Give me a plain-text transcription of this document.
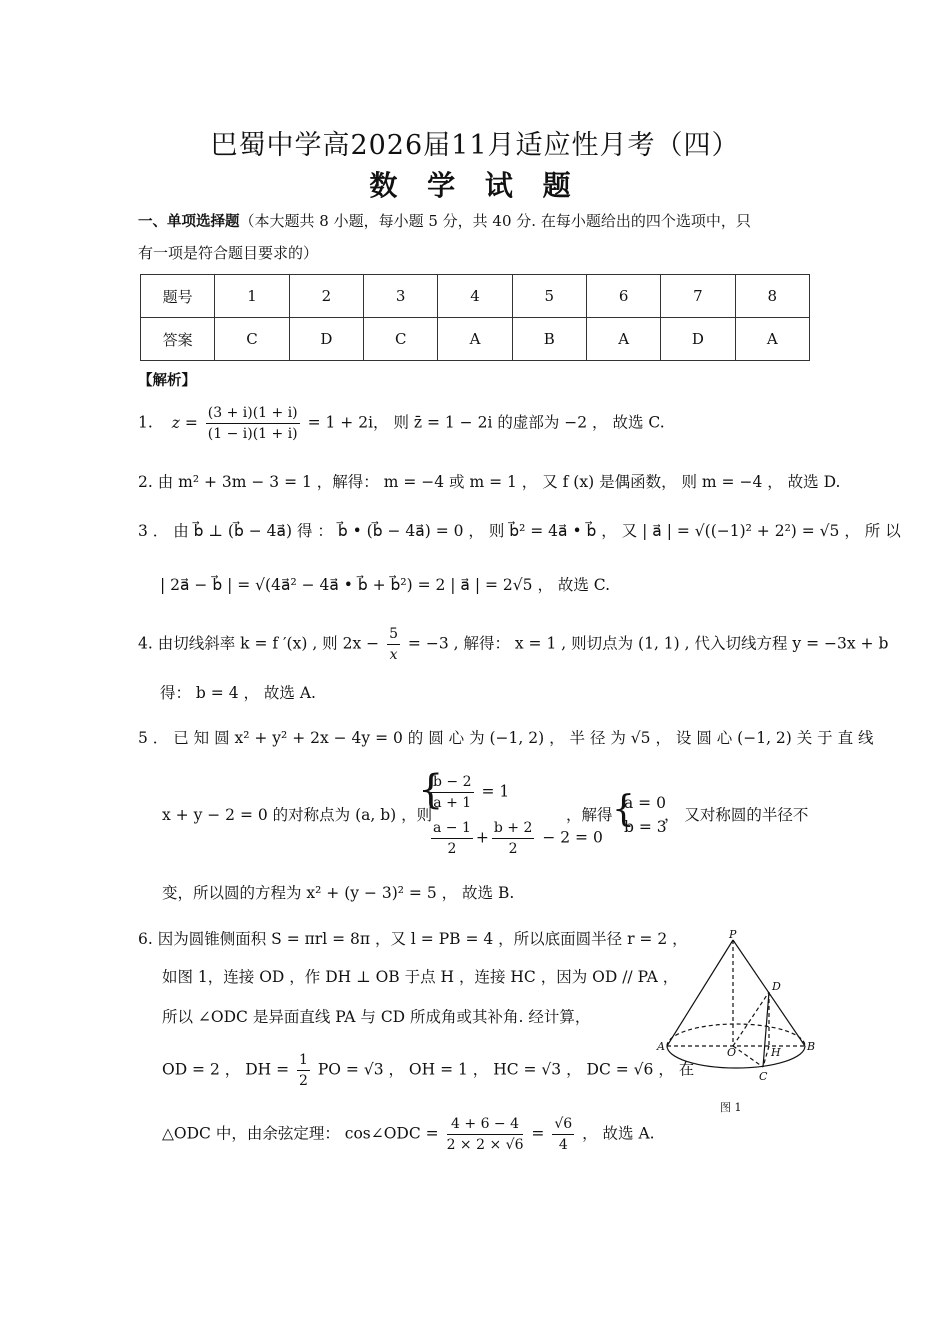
巴蜀中学高2026届11月适应性月考（四）
数 学 试 题
一、单项选择题（本大题共 8 小题，每小题 5 分，共 40 分. 在每小题给出的四个选项中，只
有一项是符合题目要求的）
题号	1	2	3	4	5	6	7	8
答案	C	D	C	A	B	A	D	A
【解析】
1. $z = \frac{(3 + i)(1 + i)}{(1 - i)(1 + i)} = 1 + 2i$， 则 z̄ = 1 − 2i 的虚部为 −2 ， 故选 C.
2. 由 m² + 3m − 3 = 1 ，解得： m = −4 或 m = 1 ， 又 f (x) 是偶函数， 则 m = −4 ， 故选 D.
3 ． 由 b⃗ ⊥ (b⃗ − 4a⃗) 得 ： b⃗ • (b⃗ − 4a⃗) = 0 ， 则 b⃗² = 4a⃗ • b⃗ ， 又 | a⃗ | = √((−1)² + 2²) = √5 ， 所 以
| 2a⃗ − b⃗ | = √(4a⃗² − 4a⃗ • b⃗ + b⃗²) = 2 | a⃗ | = 2√5 ， 故选 C.
4. 由切线斜率 k = f ′(x) , 则 $2x - \frac{5}{x} = -3$ , 解得： x = 1 , 则切点为 (1, 1) , 代入切线方程 y = −3x + b
得： b = 4 ， 故选 A.
5 ． 已 知 圆 x² + y² + 2x − 4y = 0 的 圆 心 为 (−1, 2) ， 半 径 为 √5 ， 设 圆 心 (−1, 2) 关 于 直 线
x + y − 2 = 0 的对称点为 (a, b) ，则
{
$\frac{b - 2}{a + 1} = 1$
$\frac{a - 1}{2} + \frac{b + 2}{2} - 2 = 0$
，解得 {
a = 0
b = 3
， 又对称圆的半径不
变，所以圆的方程为 x² + (y − 3)² = 5 ， 故选 B.
6. 因为圆锥侧面积 S = πrl = 8π ，又 l = PB = 4 ，所以底面圆半径 r = 2 ，
如图 1，连接 OD ，作 DH ⊥ OB 于点 H ，连接 HC ，因为 OD // PA ，
所以 ∠ODC 是异面直线 PA 与 CD 所成角或其补角. 经计算，
OD = 2 ， DH = $\frac{1}{2}$ PO = √3 ， OH = 1 ， HC = √3 ， DC = √6 ， 在
△ODC 中，由余弦定理： cos∠ODC = $\frac{4 + 6 - 4}{2 \times 2 \times √6} = \frac{√6}{4}$ ， 故选 A.
P
D
A	O	H B
C
图 1
